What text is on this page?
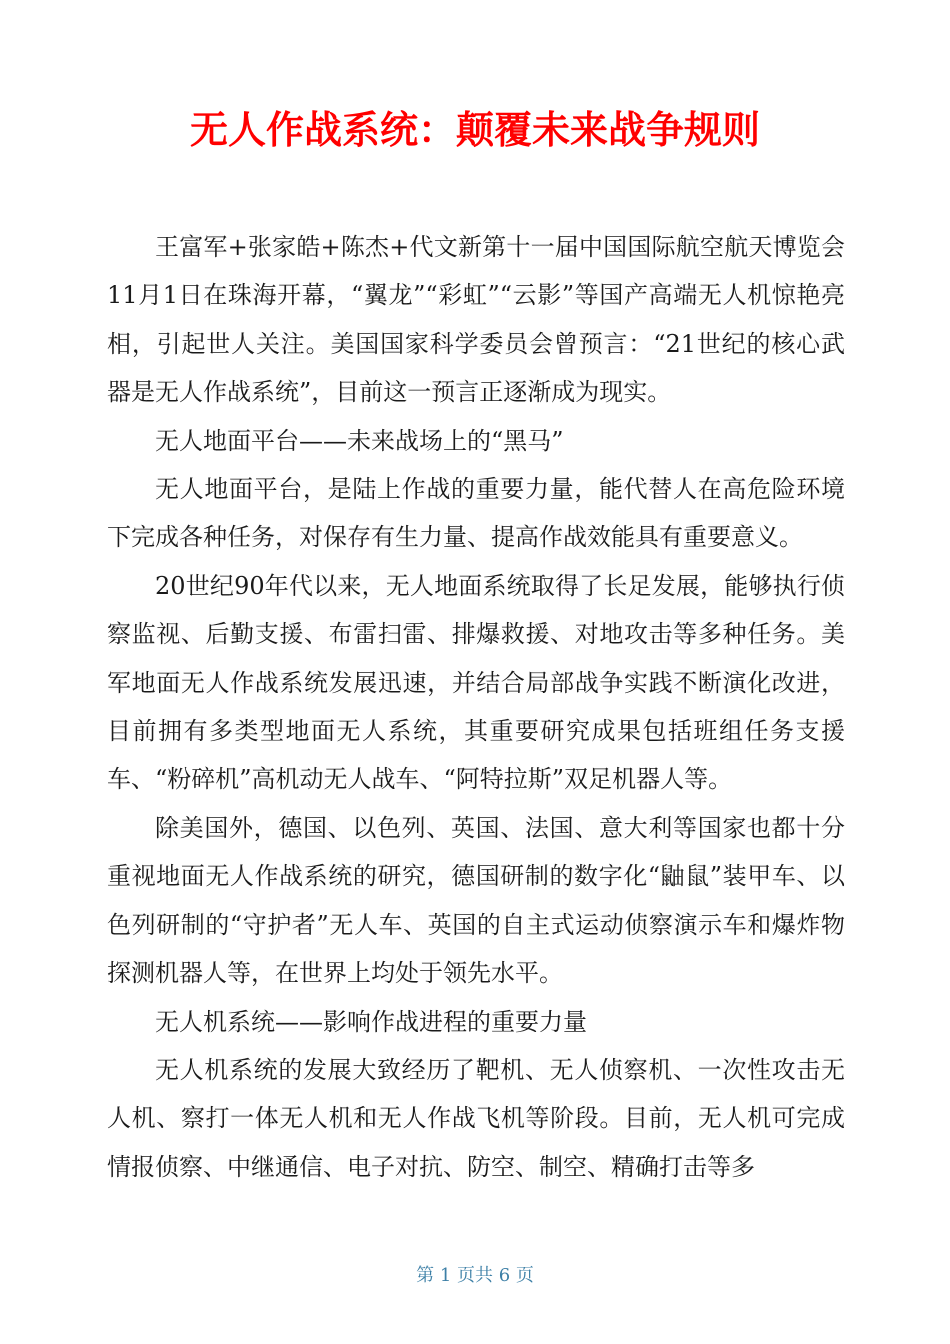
无人作战系统：颠覆未来战争规则

王富军+张家皓+陈杰+代文新第十一届中国国际航空航天博览会11月1日在珠海开幕，“翼龙”“彩虹”“云影”等国产高端无人机惊艳亮相，引起世人关注。美国国家科学委员会曾预言：“21世纪的核心武器是无人作战系统”，目前这一预言正逐渐成为现实。

无人地面平台——未来战场上的“黑马”

无人地面平台，是陆上作战的重要力量，能代替人在高危险环境下完成各种任务，对保存有生力量、提高作战效能具有重要意义。

20世纪90年代以来，无人地面系统取得了长足发展，能够执行侦察监视、后勤支援、布雷扫雷、排爆救援、对地攻击等多种任务。美军地面无人作战系统发展迅速，并结合局部战争实践不断演化改进，目前拥有多类型地面无人系统，其重要研究成果包括班组任务支援车、“粉碎机”高机动无人战车、“阿特拉斯”双足机器人等。

除美国外，德国、以色列、英国、法国、意大利等国家也都十分重视地面无人作战系统的研究，德国研制的数字化“鼬鼠”装甲车、以色列研制的“守护者”无人车、英国的自主式运动侦察演示车和爆炸物探测机器人等，在世界上均处于领先水平。

无人机系统——影响作战进程的重要力量

无人机系统的发展大致经历了靶机、无人侦察机、一次性攻击无人机、察打一体无人机和无人作战飞机等阶段。目前，无人机可完成情报侦察、中继通信、电子对抗、防空、制空、精确打击等多

第 1 页共 6 页
